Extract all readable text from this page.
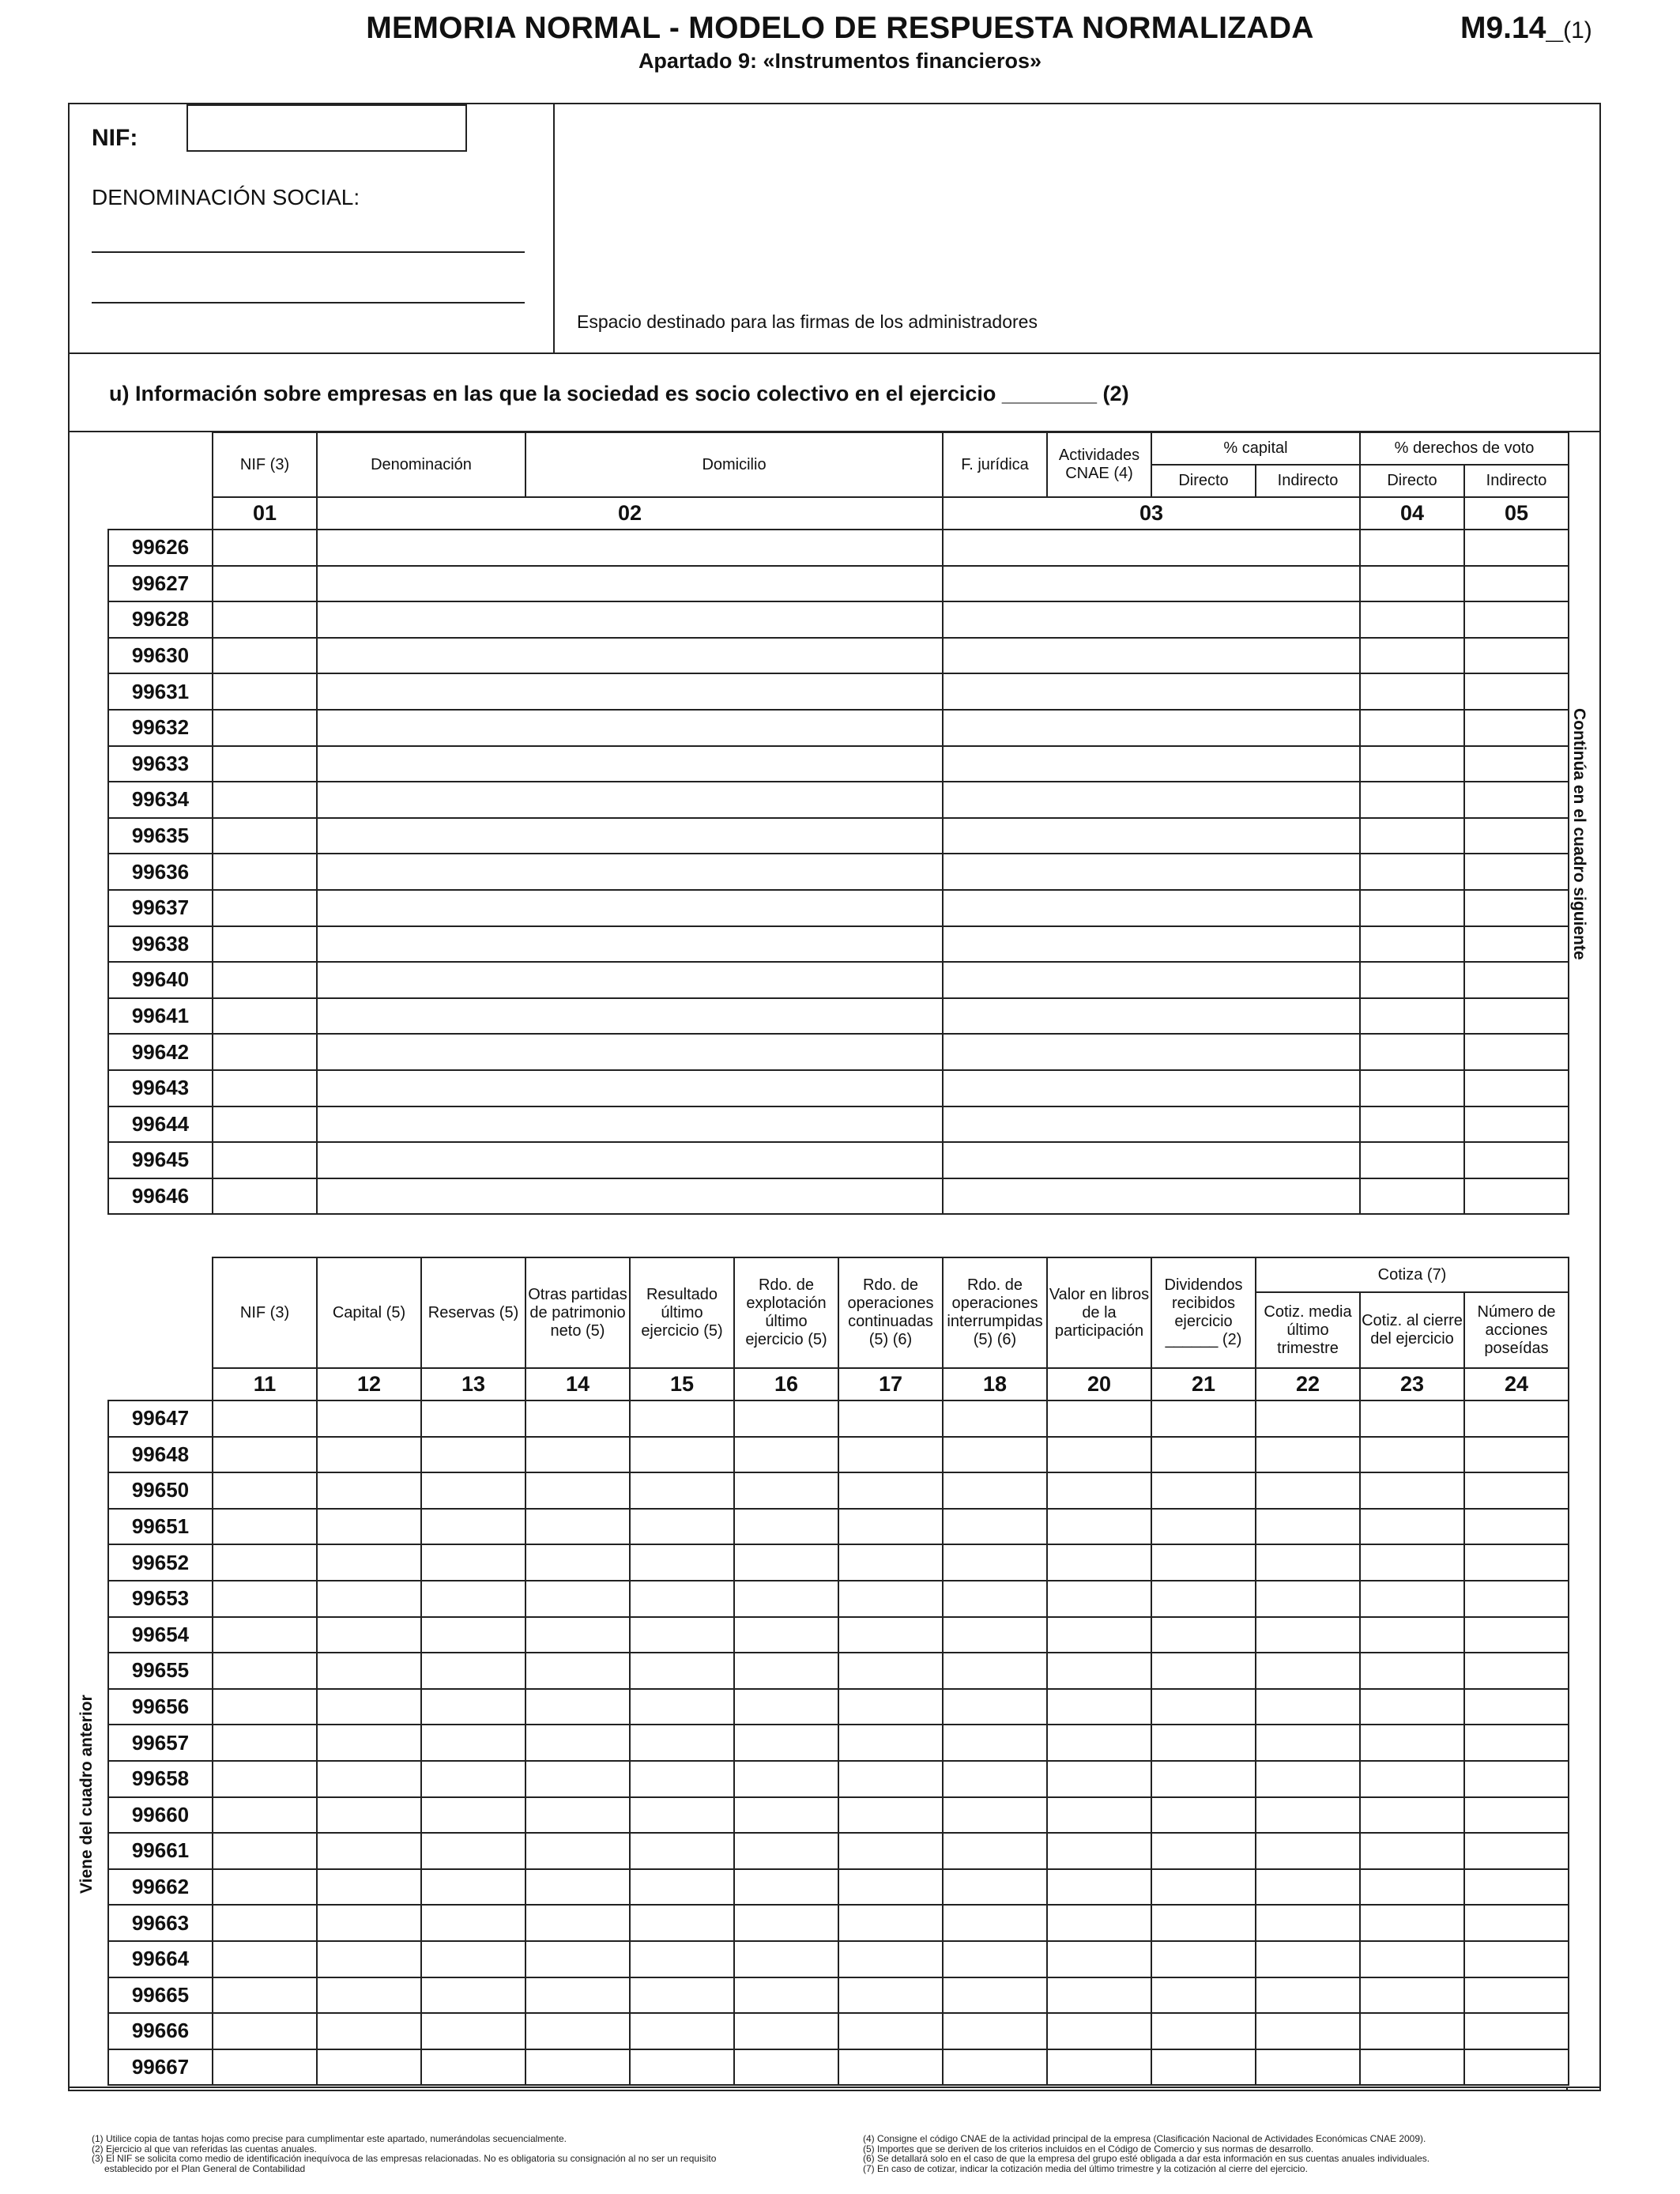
MEMORIA NORMAL - MODELO DE RESPUESTA NORMALIZADA
Apartado 9: «Instrumentos financieros»
M9.14_(1)
NIF:
DENOMINACIÓN SOCIAL:
Espacio destinado para las firmas de los administradores
u) Información sobre empresas en las que la sociedad es socio colectivo en el ejercicio ________ (2)
	NIF (3)	Denominación	Domicilio	F. jurídica	Actividades CNAE (4)	% capital		% derechos de voto		
						Directo	Indirecto	Directo	Indirecto	
	01	02		03				04	05				
99626										
99627										
99628										
99630										
99631										
99632										
99633										
99634										
99635										
99636										
99637										
99638										
99640										
99641										
99642										
99643										
99644										
99645										
99646										
	NIF (3)	Capital (5)	Reservas (5)	Otras partidas de patrimonio neto (5)	Resultado último ejercicio (5)	Rdo. de explotación último ejercicio (5)	Rdo. de operaciones continuadas (5) (6)	Rdo. de operaciones interrumpidas (5) (6)	Valor en libros de la participación	Dividendos recibidos ejercicio ______ (2)	Cotiza (7)		
											Cotiz. media último trimestre	Cotiz. al cierre del ejercicio	Número de acciones poseídas
	11	12	13	14	15	16	17	18	20	21	22	23	24
99647													
99648													
99650													
99651													
99652													
99653													
99654													
99655													
99656													
99657													
99658													
99660													
99661													
99662													
99663													
99664													
99665													
99666													
99667													
Continúa en el cuadro siguiente
Viene del cuadro anterior
(1) Utilice copia de tantas hojas como precise para cumplimentar este apartado, numerándolas secuencialmente.
(2) Ejercicio al que van referidas las cuentas anuales.
(3) El NIF se solicita como medio de identificación inequívoca de las empresas relacionadas. No es obligatoria su consignación al no ser un requisito
establecido por el Plan General de Contabilidad
(4) Consigne el código CNAE de la actividad principal de la empresa (Clasificación Nacional de Actividades Económicas CNAE 2009).
(5) Importes que se deriven de los criterios incluidos en el Código de Comercio y sus normas de desarrollo.
(6) Se detallará solo en el caso de que la empresa del grupo esté obligada a dar esta información en sus cuentas anuales individuales.
(7) En caso de cotizar, indicar la cotización media del último trimestre y la cotización al cierre del ejercicio.
